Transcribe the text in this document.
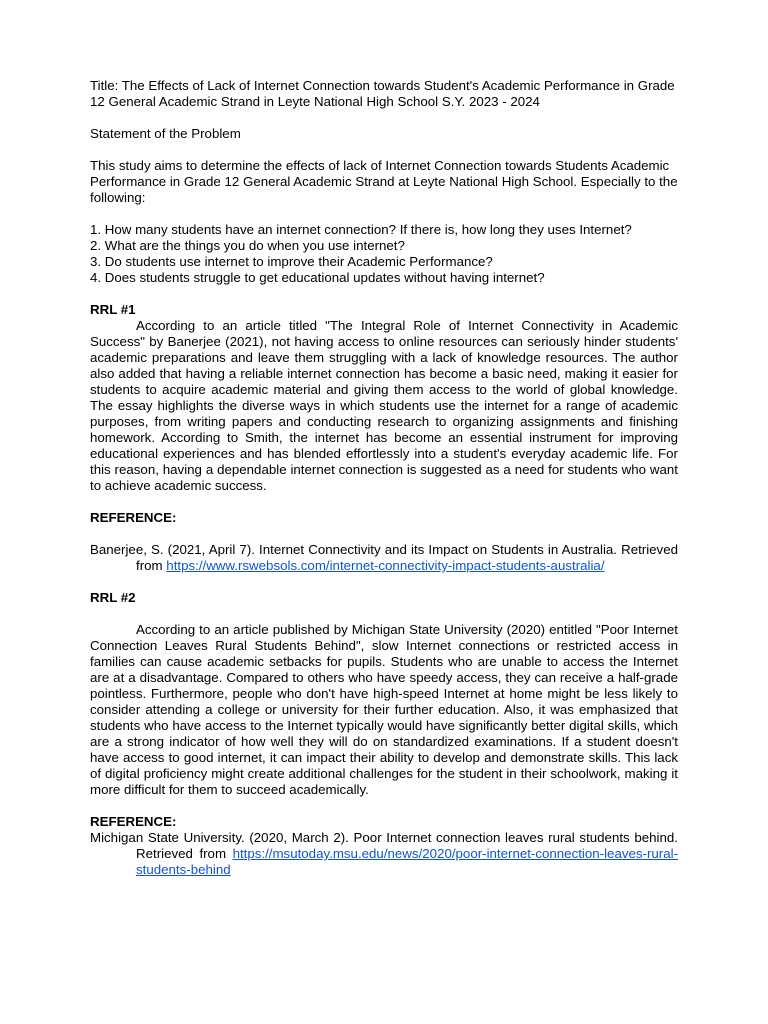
Title: The Effects of Lack of Internet Connection towards Student's Academic Performance in Grade 12 General Academic Strand in Leyte National High School S.Y. 2023 - 2024

Statement of the Problem

This study aims to determine the effects of lack of Internet Connection towards Students Academic Performance in Grade 12 General Academic Strand at Leyte National High School. Especially to the following:

1. How many students have an internet connection? If there is, how long they uses Internet?
2. What are the things you do when you use internet?
3. Do students use internet to improve their Academic Performance?
4. Does students struggle to get educational updates without having internet?

RRL #1

According to an article titled "The Integral Role of Internet Connectivity in Academic Success" by Banerjee (2021), not having access to online resources can seriously hinder students' academic preparations and leave them struggling with a lack of knowledge resources. The author also added that having a reliable internet connection has become a basic need, making it easier for students to acquire academic material and giving them access to the world of global knowledge. The essay highlights the diverse ways in which students use the internet for a range of academic purposes, from writing papers and conducting research to organizing assignments and finishing homework. According to Smith, the internet has become an essential instrument for improving educational experiences and has blended effortlessly into a student's everyday academic life. For this reason, having a dependable internet connection is suggested as a need for students who want to achieve academic success.

REFERENCE:

Banerjee, S. (2021, April 7). Internet Connectivity and its Impact on Students in Australia. Retrieved from https://www.rswebsols.com/internet-connectivity-impact-students-australia/

RRL #2

According to an article published by Michigan State University (2020) entitled "Poor Internet Connection Leaves Rural Students Behind", slow Internet connections or restricted access in families can cause academic setbacks for pupils. Students who are unable to access the Internet are at a disadvantage. Compared to others who have speedy access, they can receive a half-grade pointless. Furthermore, people who don't have high-speed Internet at home might be less likely to consider attending a college or university for their further education. Also, it was emphasized that students who have access to the Internet typically would have significantly better digital skills, which are a strong indicator of how well they will do on standardized examinations. If a student doesn't have access to good internet, it can impact their ability to develop and demonstrate skills. This lack of digital proficiency might create additional challenges for the student in their schoolwork, making it more difficult for them to succeed academically.

REFERENCE:

Michigan State University. (2020, March 2). Poor Internet connection leaves rural students behind. Retrieved from https://msutoday.msu.edu/news/2020/poor-internet-connection-leaves-rural-students-behind
